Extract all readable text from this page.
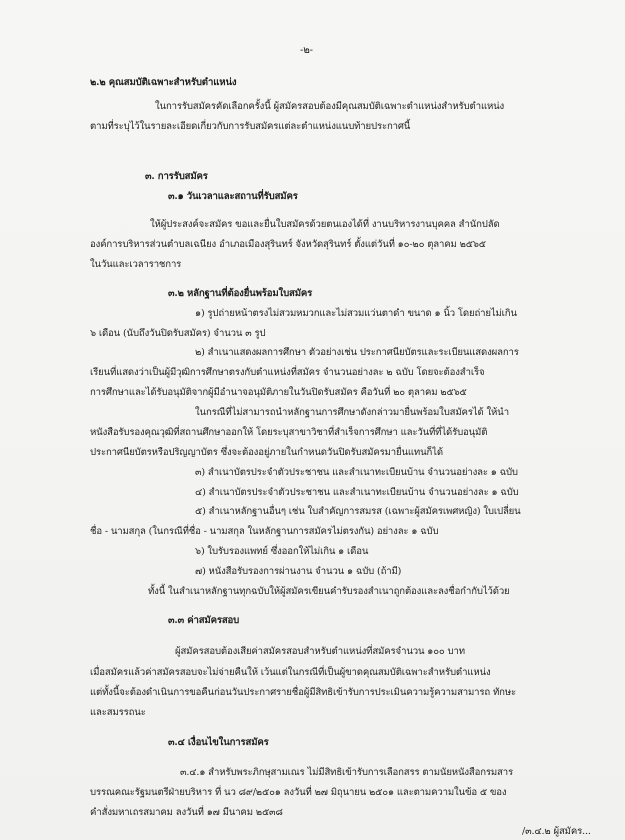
-๒-
๒.๒ คุณสมบัติเฉพาะสำหรับตำแหน่ง
ในการรับสมัครคัดเลือกครั้งนี้ ผู้สมัครสอบต้องมีคุณสมบัติเฉพาะตำแหน่งสำหรับตำแหน่ง
ตามที่ระบุไว้ในรายละเอียดเกี่ยวกับการรับสมัครแต่ละตำแหน่งแนบท้ายประกาศนี้
๓. การรับสมัคร
๓.๑ วันเวลาและสถานที่รับสมัคร
ให้ผู้ประสงค์จะสมัคร ขอและยื่นใบสมัครด้วยตนเองได้ที่ งานบริหารงานบุคคล สำนักปลัด
องค์การบริหารส่วนตำบลเฉนียง อำเภอเมืองสุรินทร์ จังหวัดสุรินทร์ ตั้งแต่วันที่ ๑๐-๒๐ ตุลาคม ๒๕๖๕
ในวันและเวลาราชการ
๓.๒ หลักฐานที่ต้องยื่นพร้อมใบสมัคร
๑) รูปถ่ายหน้าตรงไม่สวมหมวกและไม่สวมแว่นตาดำ ขนาด ๑ นิ้ว โดยถ่ายไม่เกิน
๖ เดือน (นับถึงวันปิดรับสมัคร) จำนวน ๓ รูป
๒) สำเนาแสดงผลการศึกษา ตัวอย่างเช่น ประกาศนียบัตรและระเบียนแสดงผลการ
เรียนที่แสดงว่าเป็นผู้มีวุฒิการศึกษาตรงกับตำแหน่งที่สมัคร จำนวนอย่างละ ๒ ฉบับ โดยจะต้องสำเร็จ
การศึกษาและได้รับอนุมัติจากผู้มีอำนาจอนุมัติภายในวันปิดรับสมัคร คือวันที่ ๒๐ ตุลาคม ๒๕๖๕
ในกรณีที่ไม่สามารถนำหลักฐานการศึกษาดังกล่าวมายื่นพร้อมใบสมัครได้ ให้นำ
หนังสือรับรองคุณวุฒิที่สถานศึกษาออกให้ โดยระบุสาขาวิชาที่สำเร็จการศึกษา และวันที่ที่ได้รับอนุมัติ
ประกาศนียบัตรหรือปริญญาบัตร ซึ่งจะต้องอยู่ภายในกำหนดวันปิดรับสมัครมายื่นแทนก็ได้
๓) สำเนาบัตรประจำตัวประชาชน และสำเนาทะเบียนบ้าน จำนวนอย่างละ ๑ ฉบับ
๔) สำเนาบัตรประจำตัวประชาชน และสำเนาทะเบียนบ้าน จำนวนอย่างละ ๑ ฉบับ
๕) สำเนาหลักฐานอื่นๆ เช่น ใบสำคัญการสมรส (เฉพาะผู้สมัครเพศหญิง) ใบเปลี่ยน
ชื่อ - นามสกุล (ในกรณีที่ชื่อ - นามสกุล ในหลักฐานการสมัครไม่ตรงกัน) อย่างละ ๑ ฉบับ
๖) ใบรับรองแพทย์ ซึ่งออกให้ไม่เกิน ๑ เดือน
๗) หนังสือรับรองการผ่านงาน จำนวน ๑ ฉบับ (ถ้ามี)
ทั้งนี้ ในสำเนาหลักฐานทุกฉบับให้ผู้สมัครเขียนคำรับรองสำเนาถูกต้องและลงชื่อกำกับไว้ด้วย
๓.๓ ค่าสมัครสอบ
ผู้สมัครสอบต้องเสียค่าสมัครสอบสำหรับตำแหน่งที่สมัครจำนวน ๑๐๐ บาท
เมื่อสมัครแล้วค่าสมัครสอบจะไม่จ่ายคืนให้ เว้นแต่ในกรณีที่เป็นผู้ขาดคุณสมบัติเฉพาะสำหรับตำแหน่ง
แต่ทั้งนี้จะต้องดำเนินการขอคืนก่อนวันประกาศรายชื่อผู้มีสิทธิเข้ารับการประเมินความรู้ความสามารถ ทักษะ
และสมรรถนะ
๓.๔ เงื่อนไขในการสมัคร
๓.๔.๑ สำหรับพระภิกษุสามเณร ไม่มีสิทธิเข้ารับการเลือกสรร ตามนัยหนังสือกรมสาร
บรรณคณะรัฐมนตรีฝ่ายบริหาร ที่ นว ๘๙/๒๕๐๑ ลงวันที่ ๒๗ มิถุนายน ๒๕๐๑ และตามความในข้อ ๕ ของ
คำสั่งมหาเถรสมาคม ลงวันที่ ๑๗ มีนาคม ๒๕๓๘
/๓.๔.๒ ผู้สมัคร...
